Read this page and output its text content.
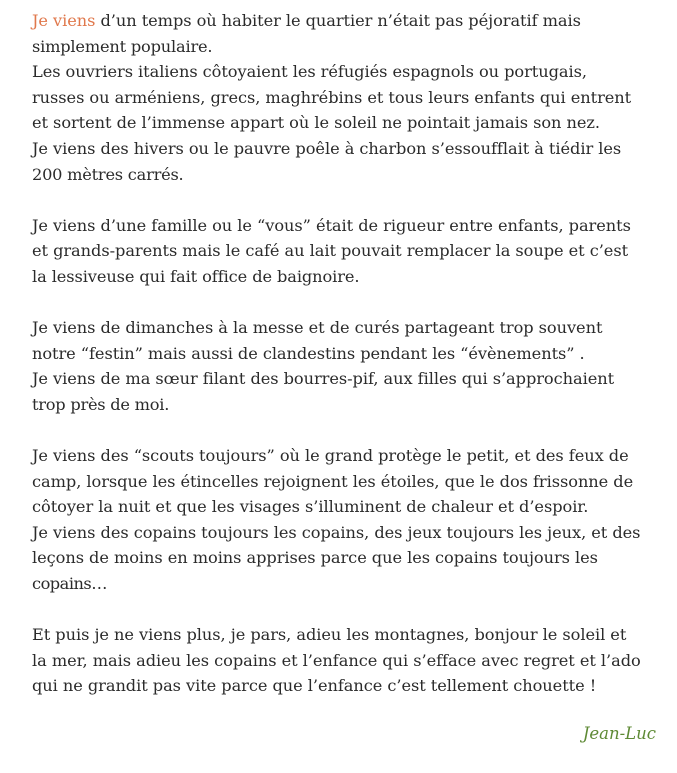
Je viens d’un temps où habiter le quartier n’était pas péjoratif mais
simplement populaire.
Les ouvriers italiens côtoyaient les réfugiés espagnols ou portugais,
russes ou arméniens, grecs, maghrébins et tous leurs enfants qui entrent
et sortent de l’immense appart où le soleil ne pointait jamais son nez.
Je viens des hivers ou le pauvre poêle à charbon s’essoufflait à tiédir les
200 mètres carrés.
Je viens d’une famille ou le “vous” était de rigueur entre enfants, parents
et grands-parents mais le café au lait pouvait remplacer la soupe et c’est
la lessiveuse qui fait office de baignoire.
Je viens de dimanches à la messe et de curés partageant trop souvent
notre “festin” mais aussi de clandestins pendant les “évènements” .
Je viens de ma sœur filant des bourres-pif, aux filles qui s’approchaient
trop près de moi.
Je viens des “scouts toujours” où le grand protège le petit, et des feux de
camp, lorsque les étincelles rejoignent les étoiles, que le dos frissonne de
côtoyer la nuit et que les visages s’illuminent de chaleur et d’espoir.
Je viens des copains toujours les copains, des jeux toujours les jeux, et des
leçons de moins en moins apprises parce que les copains toujours les
copains…
Et puis je ne viens plus, je pars, adieu les montagnes, bonjour le soleil et
la mer, mais adieu les copains et l’enfance qui s’efface avec regret et l’ado
qui ne grandit pas vite parce que l’enfance c’est tellement chouette !
Jean-Luc
